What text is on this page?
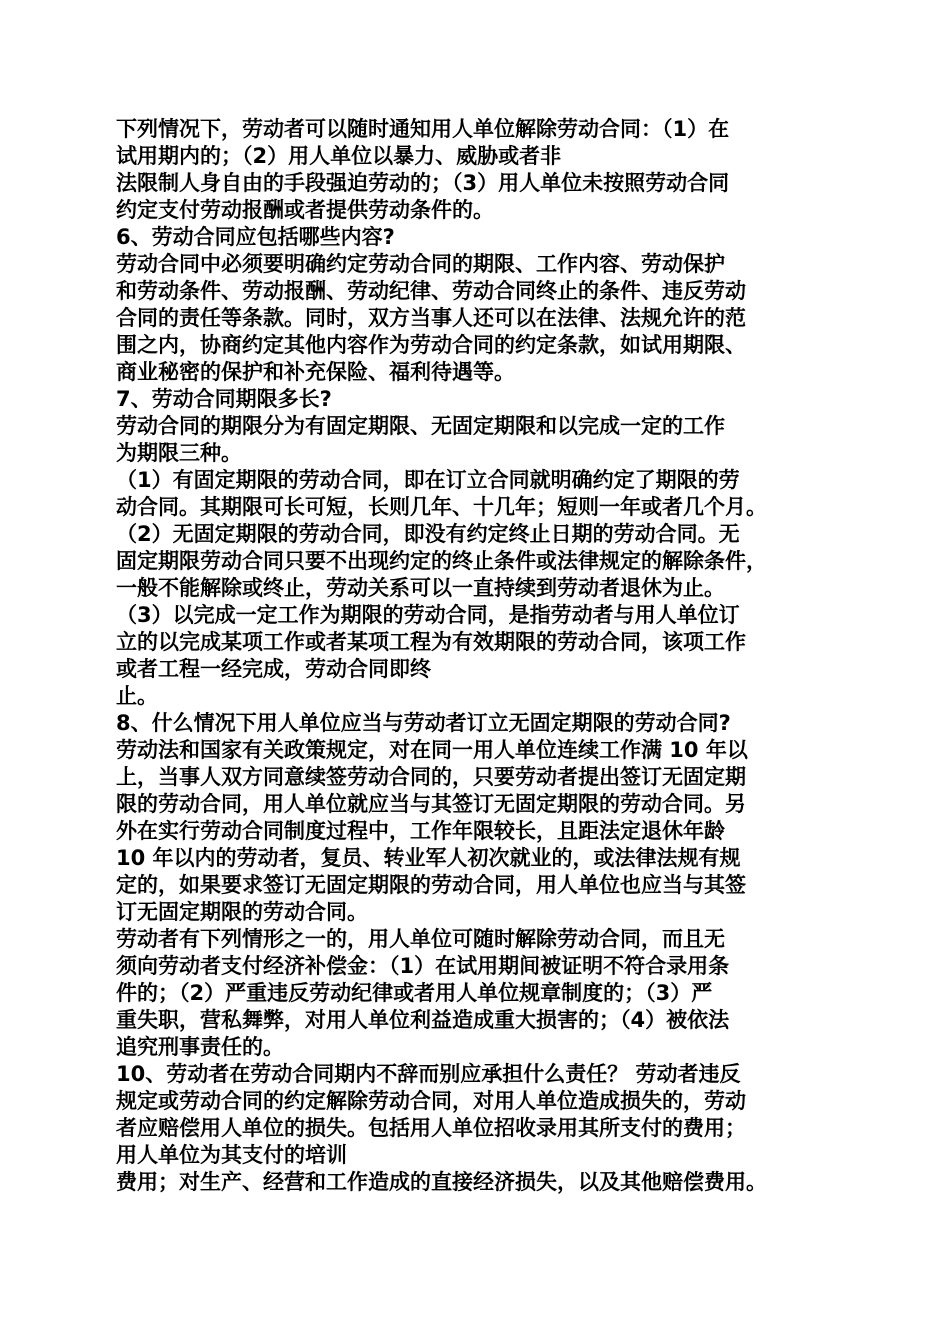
下列情况下，劳动者可以随时通知用人单位解除劳动合同：（1）在
试用期内的；（2）用人单位以暴力、威胁或者非
法限制人身自由的手段强迫劳动的；（3）用人单位未按照劳动合同
约定支付劳动报酬或者提供劳动条件的。
6、劳动合同应包括哪些内容?
劳动合同中必须要明确约定劳动合同的期限、工作内容、劳动保护
和劳动条件、劳动报酬、劳动纪律、劳动合同终止的条件、违反劳动
合同的责任等条款。同时，双方当事人还可以在法律、法规允许的范
围之内，协商约定其他内容作为劳动合同的约定条款，如试用期限、
商业秘密的保护和补充保险、福利待遇等。
7、劳动合同期限多长?
劳动合同的期限分为有固定期限、无固定期限和以完成一定的工作
为期限三种。
（1）有固定期限的劳动合同，即在订立合同就明确约定了期限的劳
动合同。其期限可长可短，长则几年、十几年；短则一年或者几个月。
（2）无固定期限的劳动合同，即没有约定终止日期的劳动合同。无
固定期限劳动合同只要不出现约定的终止条件或法律规定的解除条件，
一般不能解除或终止，劳动关系可以一直持续到劳动者退休为止。
（3）以完成一定工作为期限的劳动合同，是指劳动者与用人单位订
立的以完成某项工作或者某项工程为有效期限的劳动合同，该项工作
或者工程一经完成，劳动合同即终
止。
8、什么情况下用人单位应当与劳动者订立无固定期限的劳动合同?
劳动法和国家有关政策规定，对在同一用人单位连续工作满 10 年以
上，当事人双方同意续签劳动合同的，只要劳动者提出签订无固定期
限的劳动合同，用人单位就应当与其签订无固定期限的劳动合同。另
外在实行劳动合同制度过程中，工作年限较长，且距法定退休年龄
10 年以内的劳动者，复员、转业军人初次就业的，或法律法规有规
定的，如果要求签订无固定期限的劳动合同，用人单位也应当与其签
订无固定期限的劳动合同。
劳动者有下列情形之一的，用人单位可随时解除劳动合同，而且无
须向劳动者支付经济补偿金：（1）在试用期间被证明不符合录用条
件的；（2）严重违反劳动纪律或者用人单位规章制度的；（3）严
重失职，营私舞弊，对用人单位利益造成重大损害的；（4）被依法
追究刑事责任的。
10、劳动者在劳动合同期内不辞而别应承担什么责任？ 劳动者违反
规定或劳动合同的约定解除劳动合同，对用人单位造成损失的，劳动
者应赔偿用人单位的损失。包括用人单位招收录用其所支付的费用；
用人单位为其支付的培训
费用；对生产、经营和工作造成的直接经济损失，以及其他赔偿费用。
